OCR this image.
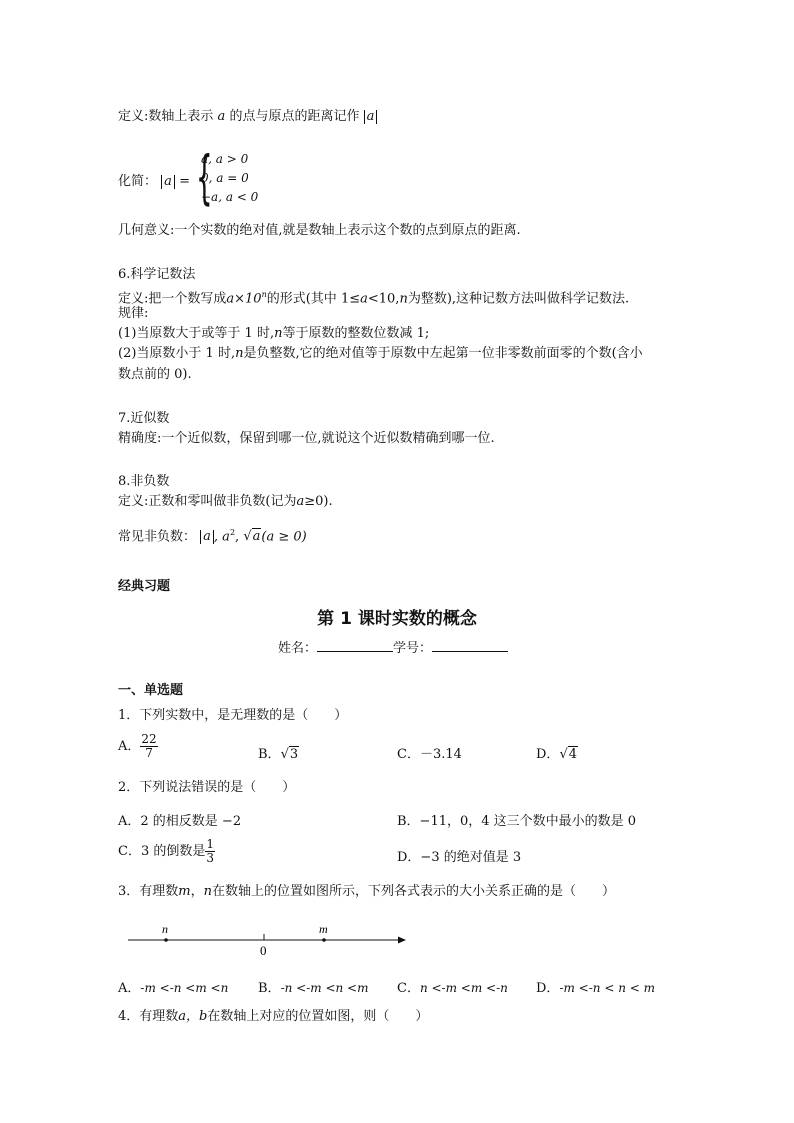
定义:数轴上表示 a 的点与原点的距离记作 a
化简： a = {
a, a > 0
0, a = 0
−a, a < 0
几何意义:一个实数的绝对值,就是数轴上表示这个数的点到原点的距离.
6.科学记数法
定义:把一个数写成$a\times 10^n$的形式(其中 1≤a<10,n为整数),这种记数方法叫做科学记数法.
规律:
(1)当原数大于或等于 1 时,n等于原数的整数位数减 1;
(2)当原数小于 1 时,n是负整数,它的绝对值等于原数中左起第一位非零数前面零的个数(含小
数点前的 0).
7.近似数
精确度:一个近似数，保留到哪一位,就说这个近似数精确到哪一位.
8.非负数
定义:正数和零叫做非负数(记为a≥0).
常见非负数： a , $a^2$, √a(a ≥ 0)
经典习题
第 1 课时实数的概念
姓名：	学号：
一、单选题
1．下列实数中，是无理数的是（　　）
A． $\frac{22}{7}$	B．√3	C．－3.14	D．√4
2．下列说法错误的是（　　）
A．2 的相反数是 −2	B．−11，0，4 这三个数中最小的数是 0
C．3 的倒数是 $\frac{1}{3}$	D．−3 的绝对值是 3
3．有理数m，n在数轴上的位置如图所示，下列各式表示的大小关系正确的是（　　）
n
0
m
A．-m <-n <m <n B．-n <-m <n <m C．n <-m <m <-n D．-m <-n < n < m
4．有理数a，b在数轴上对应的位置如图，则（　　）
